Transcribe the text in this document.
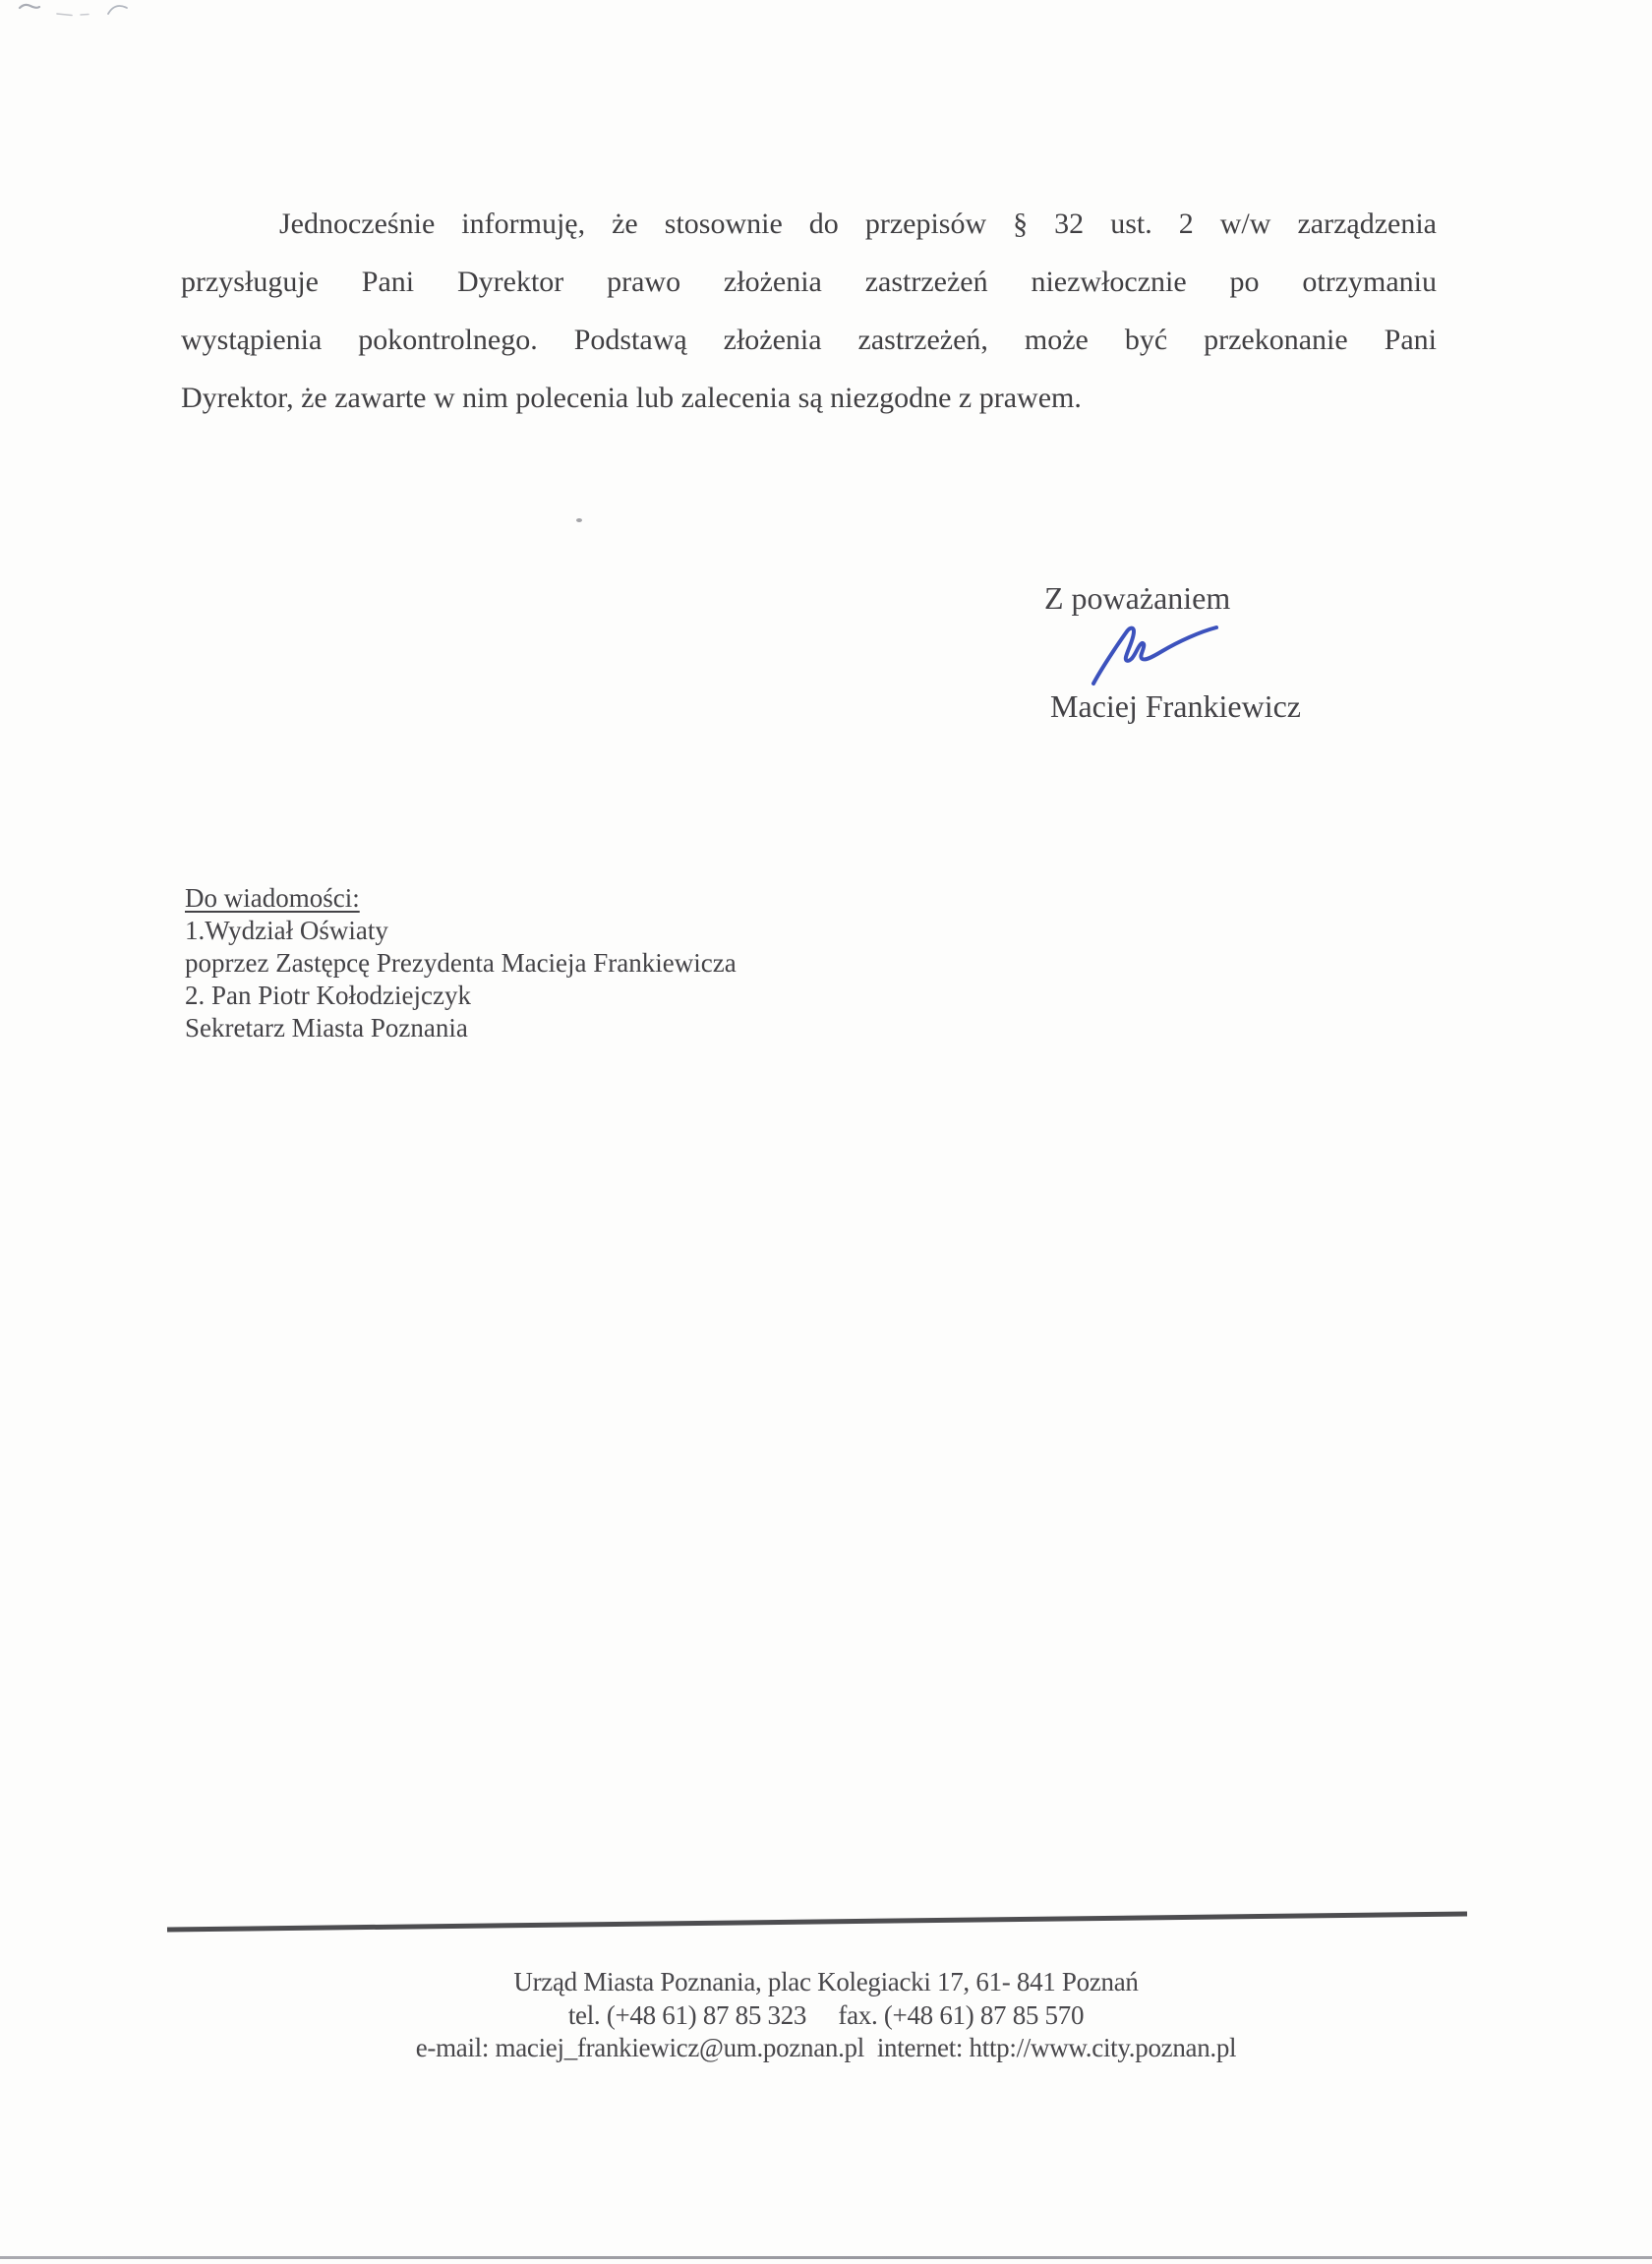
Jednocześnie informuję, że stosownie do przepisów § 32 ust. 2 w/w zarządzenia
przysługuje Pani Dyrektor prawo złożenia zastrzeżeń niezwłocznie po otrzymaniu
wystąpienia pokontrolnego. Podstawą złożenia zastrzeżeń, może być przekonanie Pani
Dyrektor, że zawarte w nim polecenia lub zalecenia są niezgodne z prawem.
Z poważaniem
Maciej Frankiewicz
Do wiadomości:
1.Wydział Oświaty
poprzez Zastępcę Prezydenta Macieja Frankiewicza
2. Pan Piotr Kołodziejczyk
Sekretarz Miasta Poznania
Urząd Miasta Poznania, plac Kolegiacki 17, 61- 841 Poznań
tel. (+48 61) 87 85 323     fax. (+48 61) 87 85 570
e-mail: maciej_frankiewicz@um.poznan.pl  internet: http://www.city.poznan.pl
